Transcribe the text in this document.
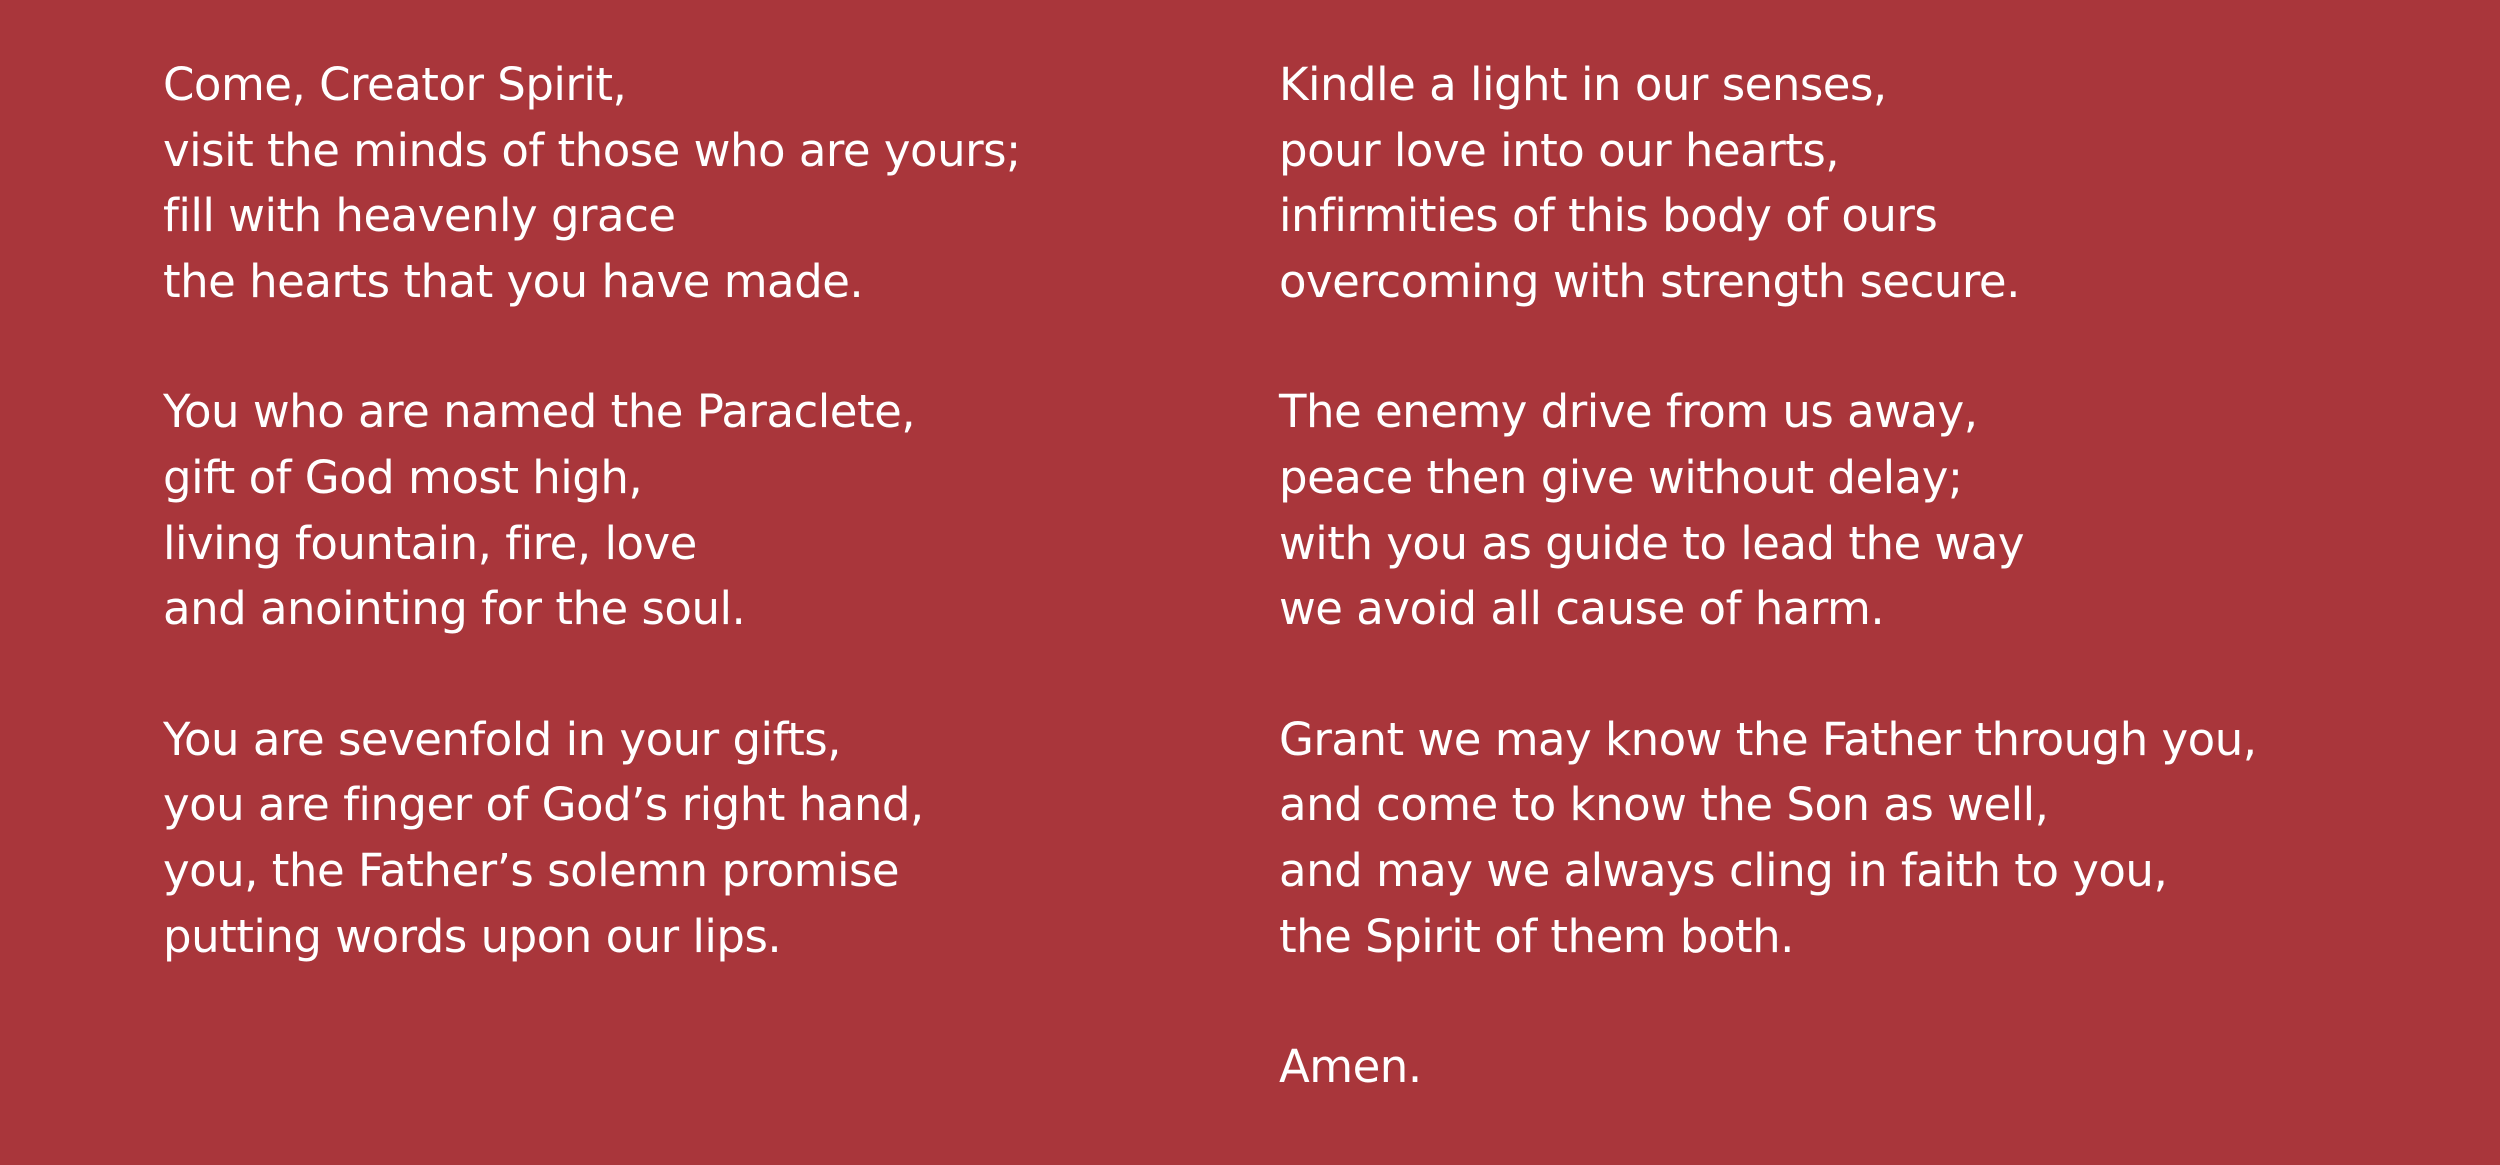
Come, Creator Spirit,
visit the minds of those who are yours;
fill with heavenly grace
the hearts that you have made.
You who are named the Paraclete,
gift of God most high,
living fountain, fire, love
and anointing for the soul.
You are sevenfold in your gifts,
you are finger of God’s right hand,
you, the Father’s solemn promise
putting words upon our lips.
Kindle a light in our senses,
pour love into our hearts,
infirmities of this body of ours
overcoming with strength secure.
The enemy drive from us away,
peace then give without delay;
with you as guide to lead the way
we avoid all cause of harm.
Grant we may know the Father through you,
and come to know the Son as well,
and may we always cling in faith to you,
the Spirit of them both.
Amen.
